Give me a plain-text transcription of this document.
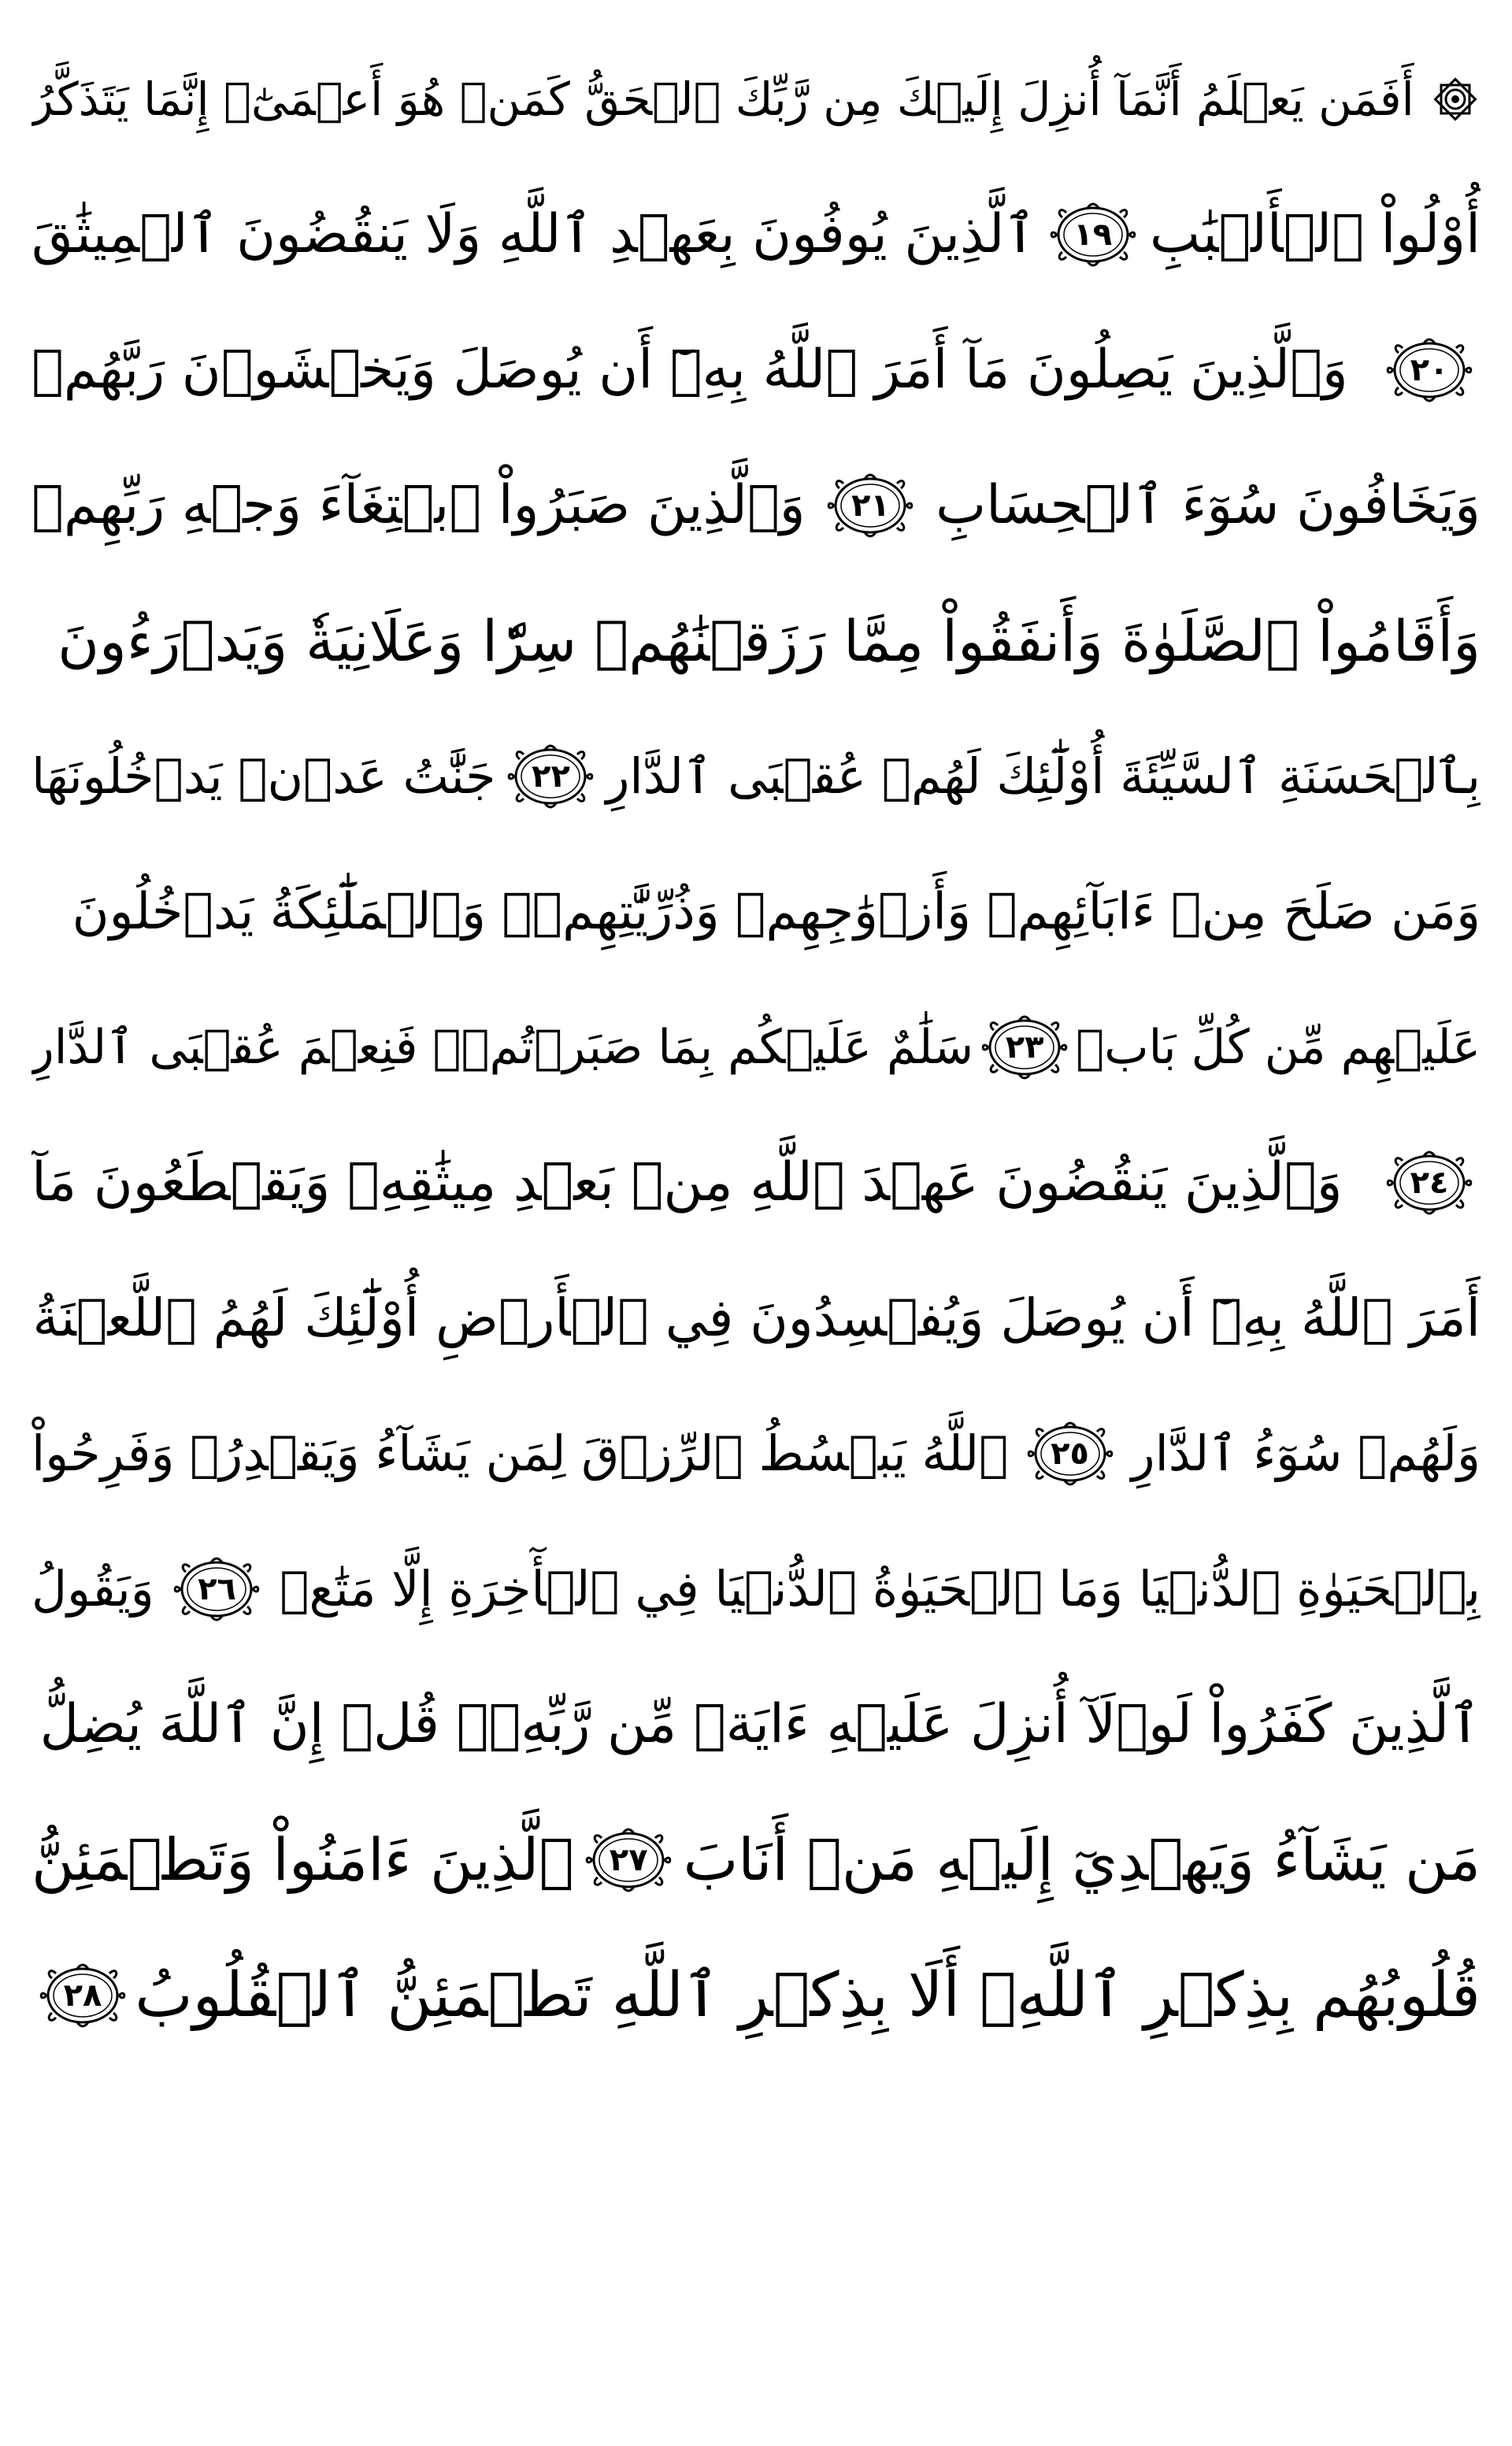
أَفَمَن يَعۡلَمُ أَنَّمَآ أُنزِلَ إِلَيۡكَ مِن رَّبِّكَ ٱلۡحَقُّ كَمَنۡ هُوَ أَعۡمَىٰٓۚ إِنَّمَا يَتَذَكَّرُ
أُوْلُواْ ٱلۡأَلۡبَٰبِ
١٩
ٱلَّذِينَ يُوفُونَ بِعَهۡدِ ٱللَّهِ وَلَا يَنقُضُونَ ٱلۡمِيثَٰقَ
٢٠
وَٱلَّذِينَ يَصِلُونَ مَآ أَمَرَ ٱللَّهُ بِهِۦٓ أَن يُوصَلَ وَيَخۡشَوۡنَ رَبَّهُمۡ
وَيَخَافُونَ سُوٓءَ ٱلۡحِسَابِ
٢١
وَٱلَّذِينَ صَبَرُواْ ٱبۡتِغَآءَ وَجۡهِ رَبِّهِمۡ
وَأَقَامُواْ ٱلصَّلَوٰةَ وَأَنفَقُواْ مِمَّا رَزَقۡنَٰهُمۡ سِرّٗا وَعَلَانِيَةٗ وَيَدۡرَءُونَ
بِٱلۡحَسَنَةِ ٱلسَّيِّئَةَ أُوْلَٰٓئِكَ لَهُمۡ عُقۡبَى ٱلدَّارِ
٢٢
جَنَّٰتُ عَدۡنٖ يَدۡخُلُونَهَا
وَمَن صَلَحَ مِنۡ ءَابَآئِهِمۡ وَأَزۡوَٰجِهِمۡ وَذُرِّيَّٰتِهِمۡۖ وَٱلۡمَلَٰٓئِكَةُ يَدۡخُلُونَ
عَلَيۡهِم مِّن كُلِّ بَابٖ
٢٣
سَلَٰمٌ عَلَيۡكُم بِمَا صَبَرۡتُمۡۚ فَنِعۡمَ عُقۡبَى ٱلدَّارِ
٢٤
وَٱلَّذِينَ يَنقُضُونَ عَهۡدَ ٱللَّهِ مِنۢ بَعۡدِ مِيثَٰقِهِۦ وَيَقۡطَعُونَ مَآ
أَمَرَ ٱللَّهُ بِهِۦٓ أَن يُوصَلَ وَيُفۡسِدُونَ فِي ٱلۡأَرۡضِ أُوْلَٰٓئِكَ لَهُمُ ٱللَّعۡنَةُ
وَلَهُمۡ سُوٓءُ ٱلدَّارِ
٢٥
ٱللَّهُ يَبۡسُطُ ٱلرِّزۡقَ لِمَن يَشَآءُ وَيَقۡدِرُۚ وَفَرِحُواْ
بِٱلۡحَيَوٰةِ ٱلدُّنۡيَا وَمَا ٱلۡحَيَوٰةُ ٱلدُّنۡيَا فِي ٱلۡأٓخِرَةِ إِلَّا مَتَٰعٞ
٢٦
وَيَقُولُ
ٱلَّذِينَ كَفَرُواْ لَوۡلَآ أُنزِلَ عَلَيۡهِ ءَايَةٞ مِّن رَّبِّهِۦۗ قُلۡ إِنَّ ٱللَّهَ يُضِلُّ
مَن يَشَآءُ وَيَهۡدِيٓ إِلَيۡهِ مَنۡ أَنَابَ
٢٧
ٱلَّذِينَ ءَامَنُواْ وَتَطۡمَئِنُّ
قُلُوبُهُم بِذِكۡرِ ٱللَّهِۗ أَلَا بِذِكۡرِ ٱللَّهِ تَطۡمَئِنُّ ٱلۡقُلُوبُ
٢٨
